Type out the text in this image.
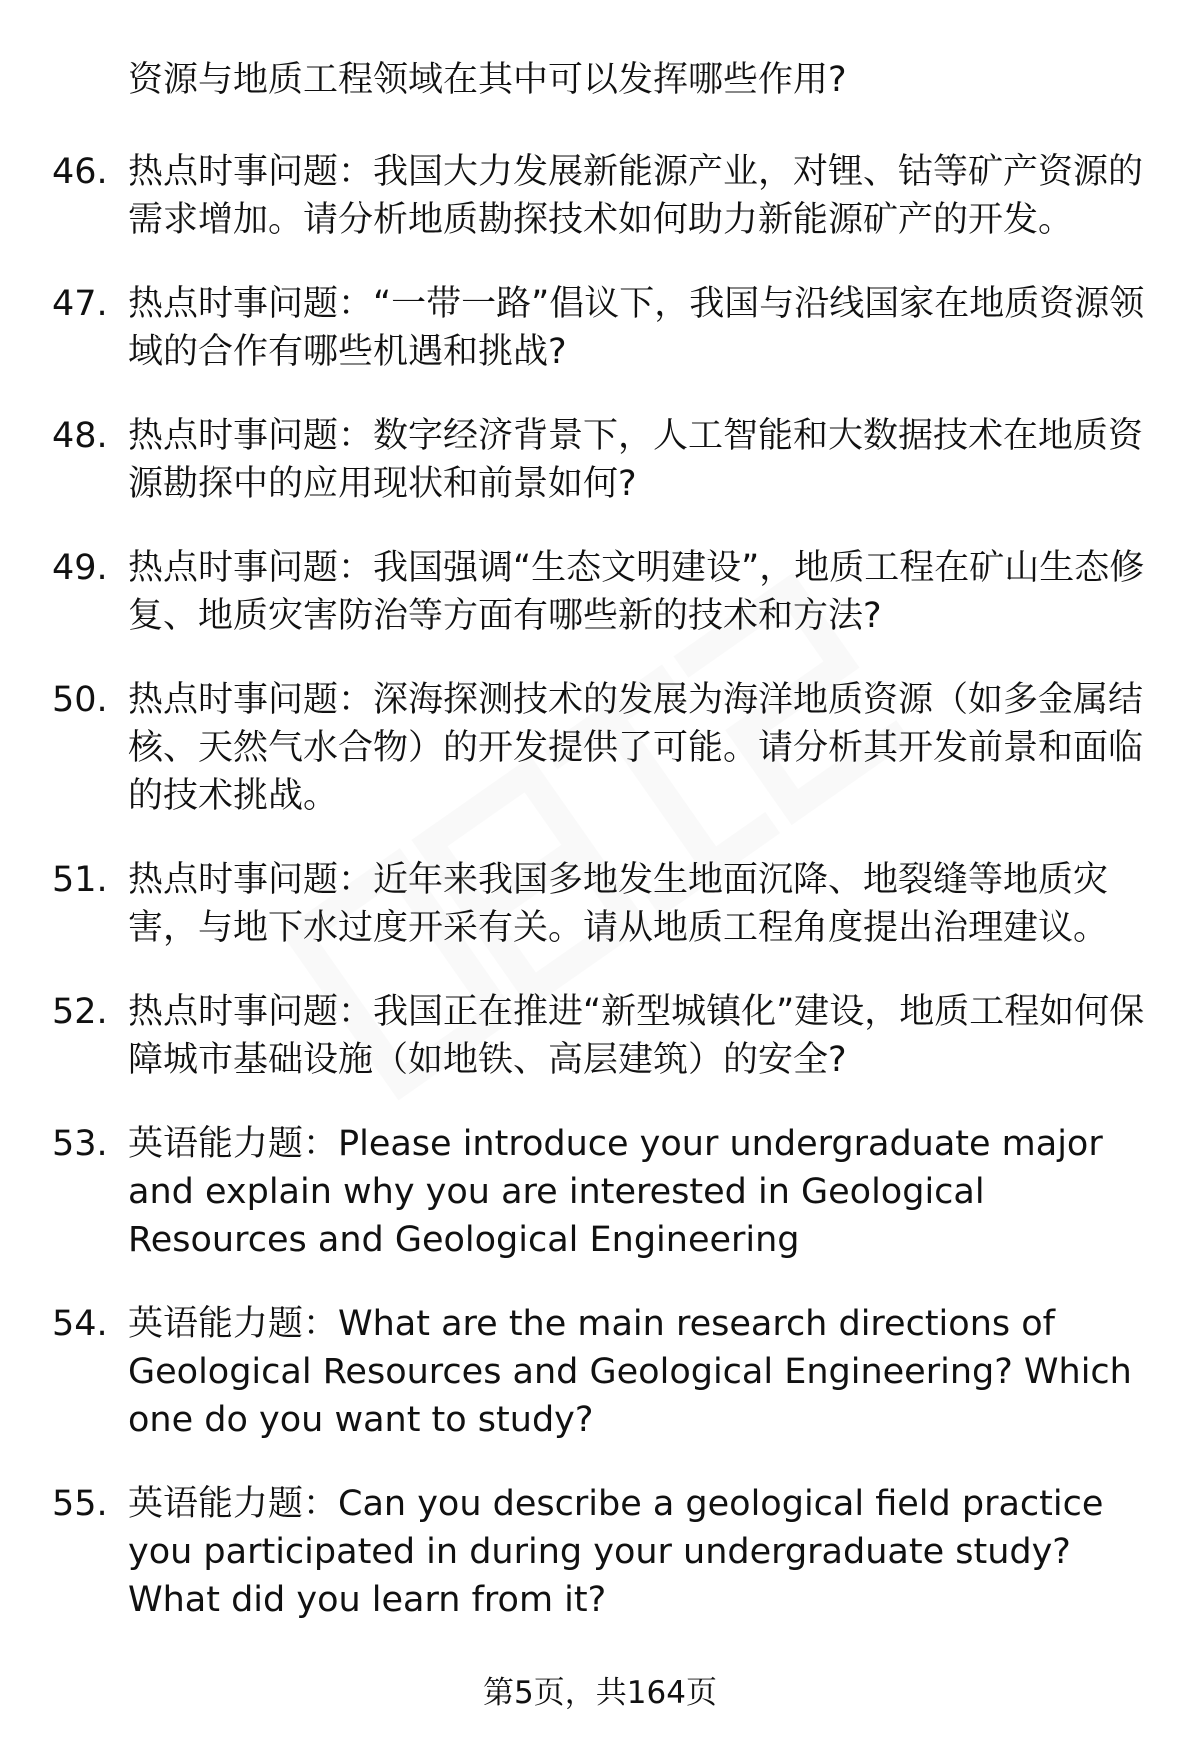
资源与地质工程领域在其中可以发挥哪些作用?
46. 热点时事问题：我国大力发展新能源产业，对锂、钴等矿产资源的需求增加。请分析地质勘探技术如何助力新能源矿产的开发。
47. 热点时事问题：“一带一路”倡议下，我国与沿线国家在地质资源领域的合作有哪些机遇和挑战?
48. 热点时事问题：数字经济背景下，人工智能和大数据技术在地质资源勘探中的应用现状和前景如何?
49. 热点时事问题：我国强调“生态文明建设”，地质工程在矿山生态修复、地质灾害防治等方面有哪些新的技术和方法?
50. 热点时事问题：深海探测技术的发展为海洋地质资源（如多金属结核、天然气水合物）的开发提供了可能。请分析其开发前景和面临的技术挑战。
51. 热点时事问题：近年来我国多地发生地面沉降、地裂缝等地质灾害，与地下水过度开采有关。请从地质工程角度提出治理建议。
52. 热点时事问题：我国正在推进“新型城镇化”建设，地质工程如何保障城市基础设施（如地铁、高层建筑）的安全?
53. 英语能力题：Please introduce your undergraduate major and explain why you are interested in Geological Resources and Geological Engineering
54. 英语能力题：What are the main research directions of Geological Resources and Geological Engineering? Which one do you want to study?
55. 英语能力题：Can you describe a geological field practice you participated in during your undergraduate study? What did you learn from it?
第5页，共164页
